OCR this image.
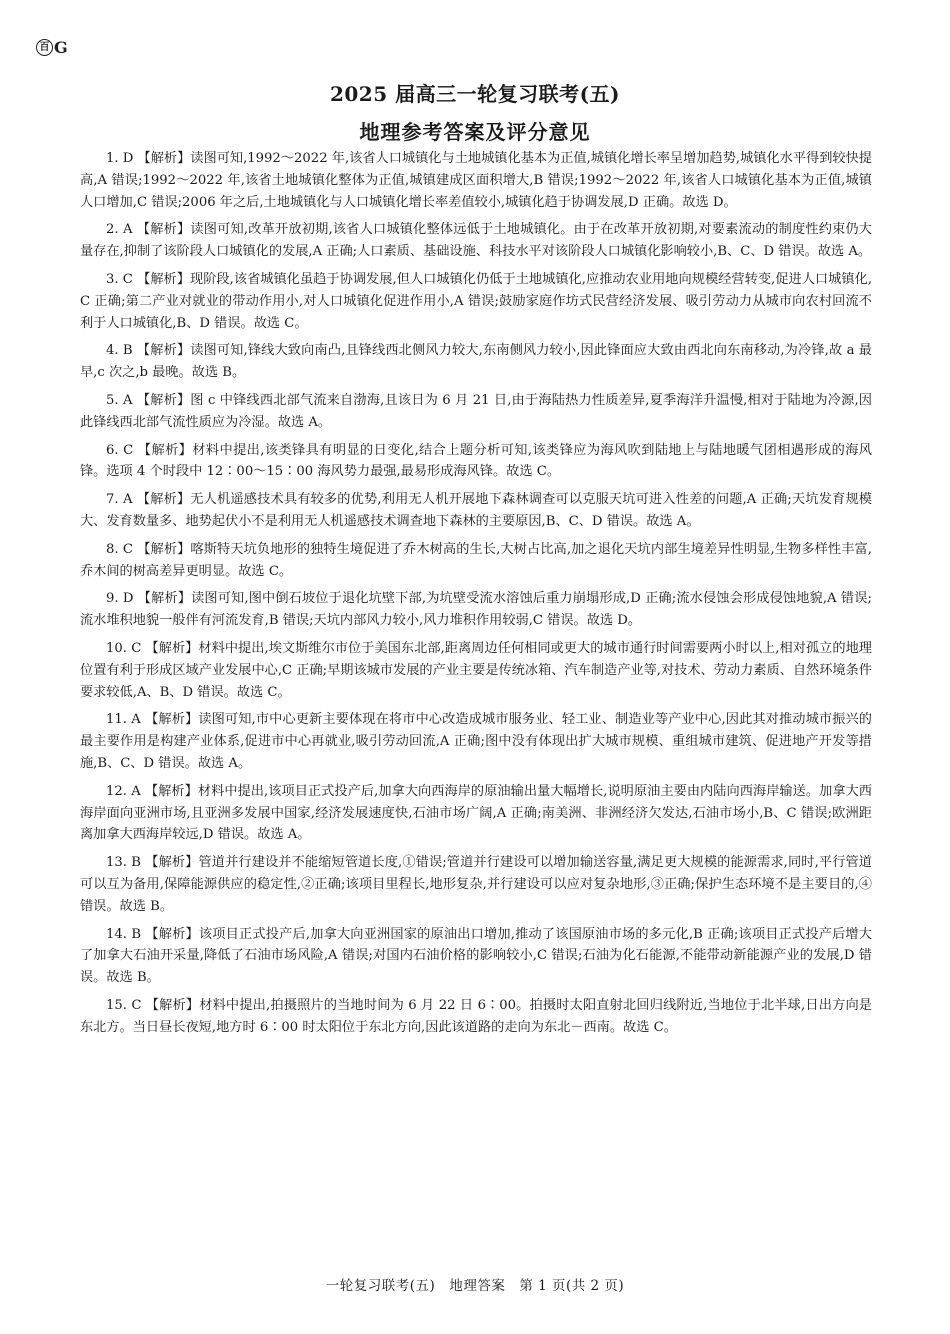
百 G
2025 届高三一轮复习联考(五)
地理参考答案及评分意见

1. D 【解析】读图可知,1992～2022 年,该省人口城镇化与土地城镇化基本为正值,城镇化增长率呈增加趋势,城镇化水平得到较快提高,A 错误;1992～2022 年,该省土地城镇化整体为正值,城镇建成区面积增大,B 错误;1992～2022 年,该省人口城镇化基本为正值,城镇人口增加,C 错误;2006 年之后,土地城镇化与人口城镇化增长率差值较小,城镇化趋于协调发展,D 正确。故选 D。

2. A 【解析】读图可知,改革开放初期,该省人口城镇化整体远低于土地城镇化。由于在改革开放初期,对要素流动的制度性约束仍大量存在,抑制了该阶段人口城镇化的发展,A 正确;人口素质、基础设施、科技水平对该阶段人口城镇化影响较小,B、C、D 错误。故选 A。

3. C 【解析】现阶段,该省城镇化虽趋于协调发展,但人口城镇化仍低于土地城镇化,应推动农业用地向规模经营转变,促进人口城镇化,C 正确;第二产业对就业的带动作用小,对人口城镇化促进作用小,A 错误;鼓励家庭作坊式民营经济发展、吸引劳动力从城市向农村回流不利于人口城镇化,B、D 错误。故选 C。

4. B 【解析】读图可知,锋线大致向南凸,且锋线西北侧风力较大,东南侧风力较小,因此锋面应大致由西北向东南移动,为冷锋,故 a 最早,c 次之,b 最晚。故选 B。

5. A 【解析】图 c 中锋线西北部气流来自渤海,且该日为 6 月 21 日,由于海陆热力性质差异,夏季海洋升温慢,相对于陆地为冷源,因此锋线西北部气流性质应为冷湿。故选 A。

6. C 【解析】材料中提出,该类锋具有明显的日变化,结合上题分析可知,该类锋应为海风吹到陆地上与陆地暖气团相遇形成的海风锋。选项 4 个时段中 12∶00～15∶00 海风势力最强,最易形成海风锋。故选 C。

7. A 【解析】无人机遥感技术具有较多的优势,利用无人机开展地下森林调查可以克服天坑可进入性差的问题,A 正确;天坑发育规模大、发育数量多、地势起伏小不是利用无人机遥感技术调查地下森林的主要原因,B、C、D 错误。故选 A。

8. C 【解析】喀斯特天坑负地形的独特生境促进了乔木树高的生长,大树占比高,加之退化天坑内部生境差异性明显,生物多样性丰富,乔木间的树高差异更明显。故选 C。

9. D 【解析】读图可知,图中倒石坡位于退化坑壁下部,为坑壁受流水溶蚀后重力崩塌形成,D 正确;流水侵蚀会形成侵蚀地貌,A 错误;流水堆积地貌一般伴有河流发育,B 错误;天坑内部风力较小,风力堆积作用较弱,C 错误。故选 D。

10. C 【解析】材料中提出,埃文斯维尔市位于美国东北部,距离周边任何相同或更大的城市通行时间需要两小时以上,相对孤立的地理位置有利于形成区域产业发展中心,C 正确;早期该城市发展的产业主要是传统冰箱、汽车制造产业等,对技术、劳动力素质、自然环境条件要求较低,A、B、D 错误。故选 C。

11. A 【解析】读图可知,市中心更新主要体现在将市中心改造成城市服务业、轻工业、制造业等产业中心,因此其对推动城市振兴的最主要作用是构建产业体系,促进市中心再就业,吸引劳动回流,A 正确;图中没有体现出扩大城市规模、重组城市建筑、促进地产开发等措施,B、C、D 错误。故选 A。

12. A 【解析】材料中提出,该项目正式投产后,加拿大向西海岸的原油输出量大幅增长,说明原油主要由内陆向西海岸输送。加拿大西海岸面向亚洲市场,且亚洲多发展中国家,经济发展速度快,石油市场广阔,A 正确;南美洲、非洲经济欠发达,石油市场小,B、C 错误;欧洲距离加拿大西海岸较远,D 错误。故选 A。

13. B 【解析】管道并行建设并不能缩短管道长度,①错误;管道并行建设可以增加输送容量,满足更大规模的能源需求,同时,平行管道可以互为备用,保障能源供应的稳定性,②正确;该项目里程长,地形复杂,并行建设可以应对复杂地形,③正确;保护生态环境不是主要目的,④错误。故选 B。

14. B 【解析】该项目正式投产后,加拿大向亚洲国家的原油出口增加,推动了该国原油市场的多元化,B 正确;该项目正式投产后增大了加拿大石油开采量,降低了石油市场风险,A 错误;对国内石油价格的影响较小,C 错误;石油为化石能源,不能带动新能源产业的发展,D 错误。故选 B。

15. C 【解析】材料中提出,拍摄照片的当地时间为 6 月 22 日 6∶00。拍摄时太阳直射北回归线附近,当地位于北半球,日出方向是东北方。当日昼长夜短,地方时 6∶00 时太阳位于东北方向,因此该道路的走向为东北－西南。故选 C。

一轮复习联考(五)　地理答案　第 1 页(共 2 页)
